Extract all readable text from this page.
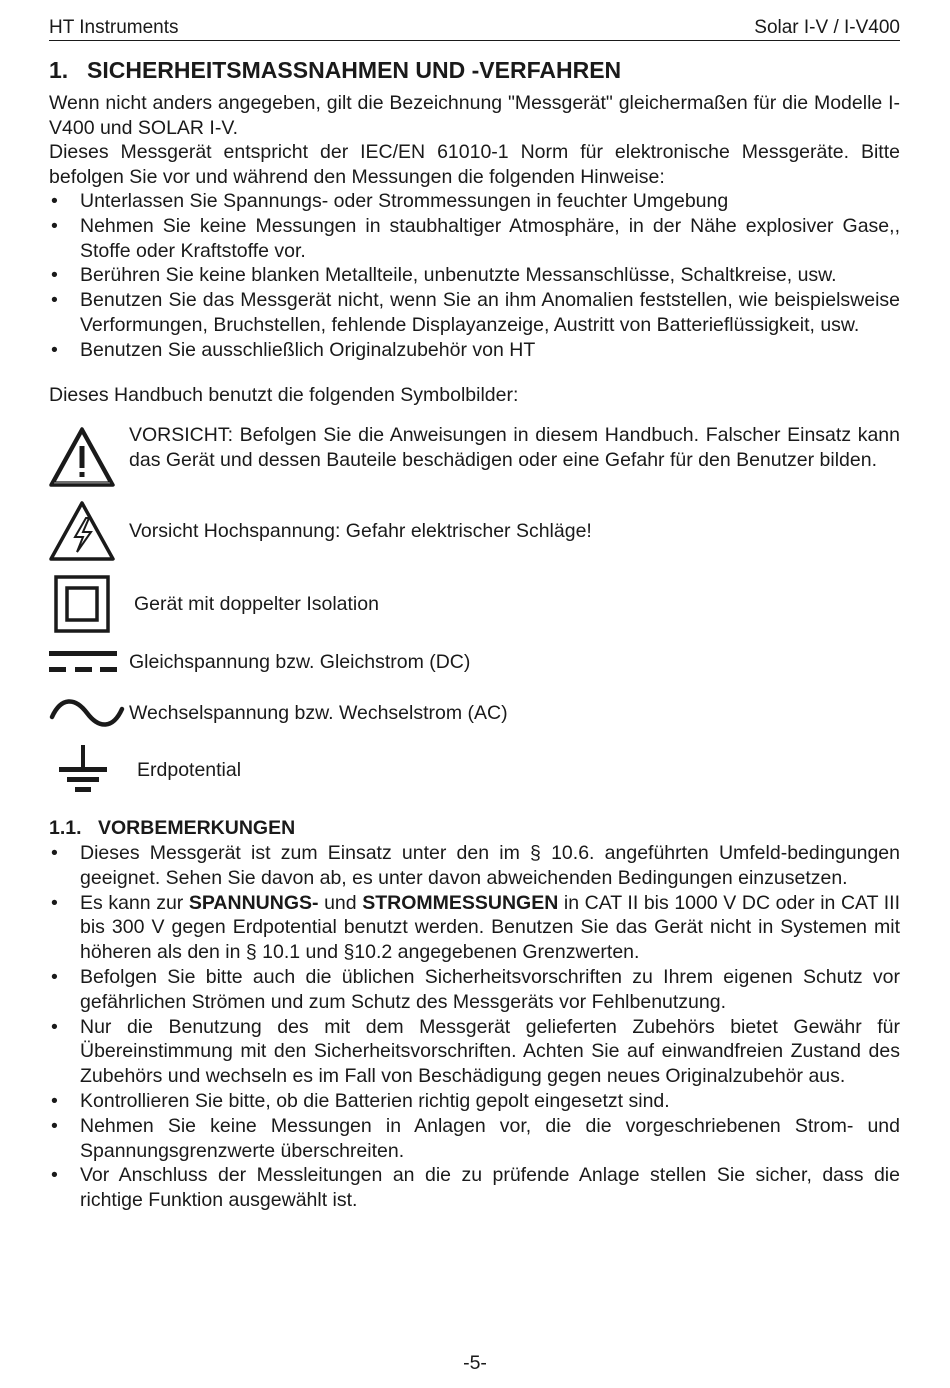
HT Instruments	Solar I-V / I-V400
1. SICHERHEITSMASSNAHMEN UND -VERFAHREN

Wenn nicht anders angegeben, gilt die Bezeichnung "Messgerät" gleichermaßen für die Modelle I-V400 und SOLAR I-V.

Dieses Messgerät entspricht der IEC/EN 61010-1 Norm für elektronische Messgeräte. Bitte befolgen Sie vor und während den Messungen die folgenden Hinweise:

• Unterlassen Sie Spannungs- oder Strommessungen in feuchter Umgebung
• Nehmen Sie keine Messungen in staubhaltiger Atmosphäre, in der Nähe explosiver Gase,, Stoffe oder Kraftstoffe vor.
• Berühren Sie keine blanken Metallteile, unbenutzte Messanschlüsse, Schaltkreise, usw.
• Benutzen Sie das Messgerät nicht, wenn Sie an ihm Anomalien feststellen, wie beispielsweise Verformungen, Bruchstellen, fehlende Displayanzeige, Austritt von Batterieflüssigkeit, usw.
• Benutzen Sie ausschließlich Originalzubehör von HT

Dieses Handbuch benutzt die folgenden Symbolbilder:

VORSICHT: Befolgen Sie die Anweisungen in diesem Handbuch. Falscher Einsatz kann das Gerät und dessen Bauteile beschädigen oder eine Gefahr für den Benutzer bilden.
Vorsicht Hochspannung: Gefahr elektrischer Schläge!
Gerät mit doppelter Isolation
Gleichspannung bzw. Gleichstrom (DC)
Wechselspannung bzw. Wechselstrom (AC)
Erdpotential
1.1. VORBEMERKUNGEN
• Dieses Messgerät ist zum Einsatz unter den im § 10.6. angeführten Umfeld-bedingungen geeignet. Sehen Sie davon ab, es unter davon abweichenden Bedingungen einzusetzen.
• Es kann zur SPANNUNGS- und STROMMESSUNGEN in CAT II bis 1000 V DC oder in CAT III bis 300 V gegen Erdpotential benutzt werden. Benutzen Sie das Gerät nicht in Systemen mit höheren als den in § 10.1 und §10.2 angegebenen Grenzwerten.
• Befolgen Sie bitte auch die üblichen Sicherheitsvorschriften zu Ihrem eigenen Schutz vor gefährlichen Strömen und zum Schutz des Messgeräts vor Fehlbenutzung.
• Nur die Benutzung des mit dem Messgerät gelieferten Zubehörs bietet Gewähr für Übereinstimmung mit den Sicherheitsvorschriften. Achten Sie auf einwandfreien Zustand des Zubehörs und wechseln es im Fall von Beschädigung gegen neues Originalzubehör aus.
• Kontrollieren Sie bitte, ob die Batterien richtig gepolt eingesetzt sind.
• Nehmen Sie keine Messungen in Anlagen vor, die die vorgeschriebenen Strom- und Spannungsgrenzwerte überschreiten.
• Vor Anschluss der Messleitungen an die zu prüfende Anlage stellen Sie sicher, dass die richtige Funktion ausgewählt ist.
-5-
